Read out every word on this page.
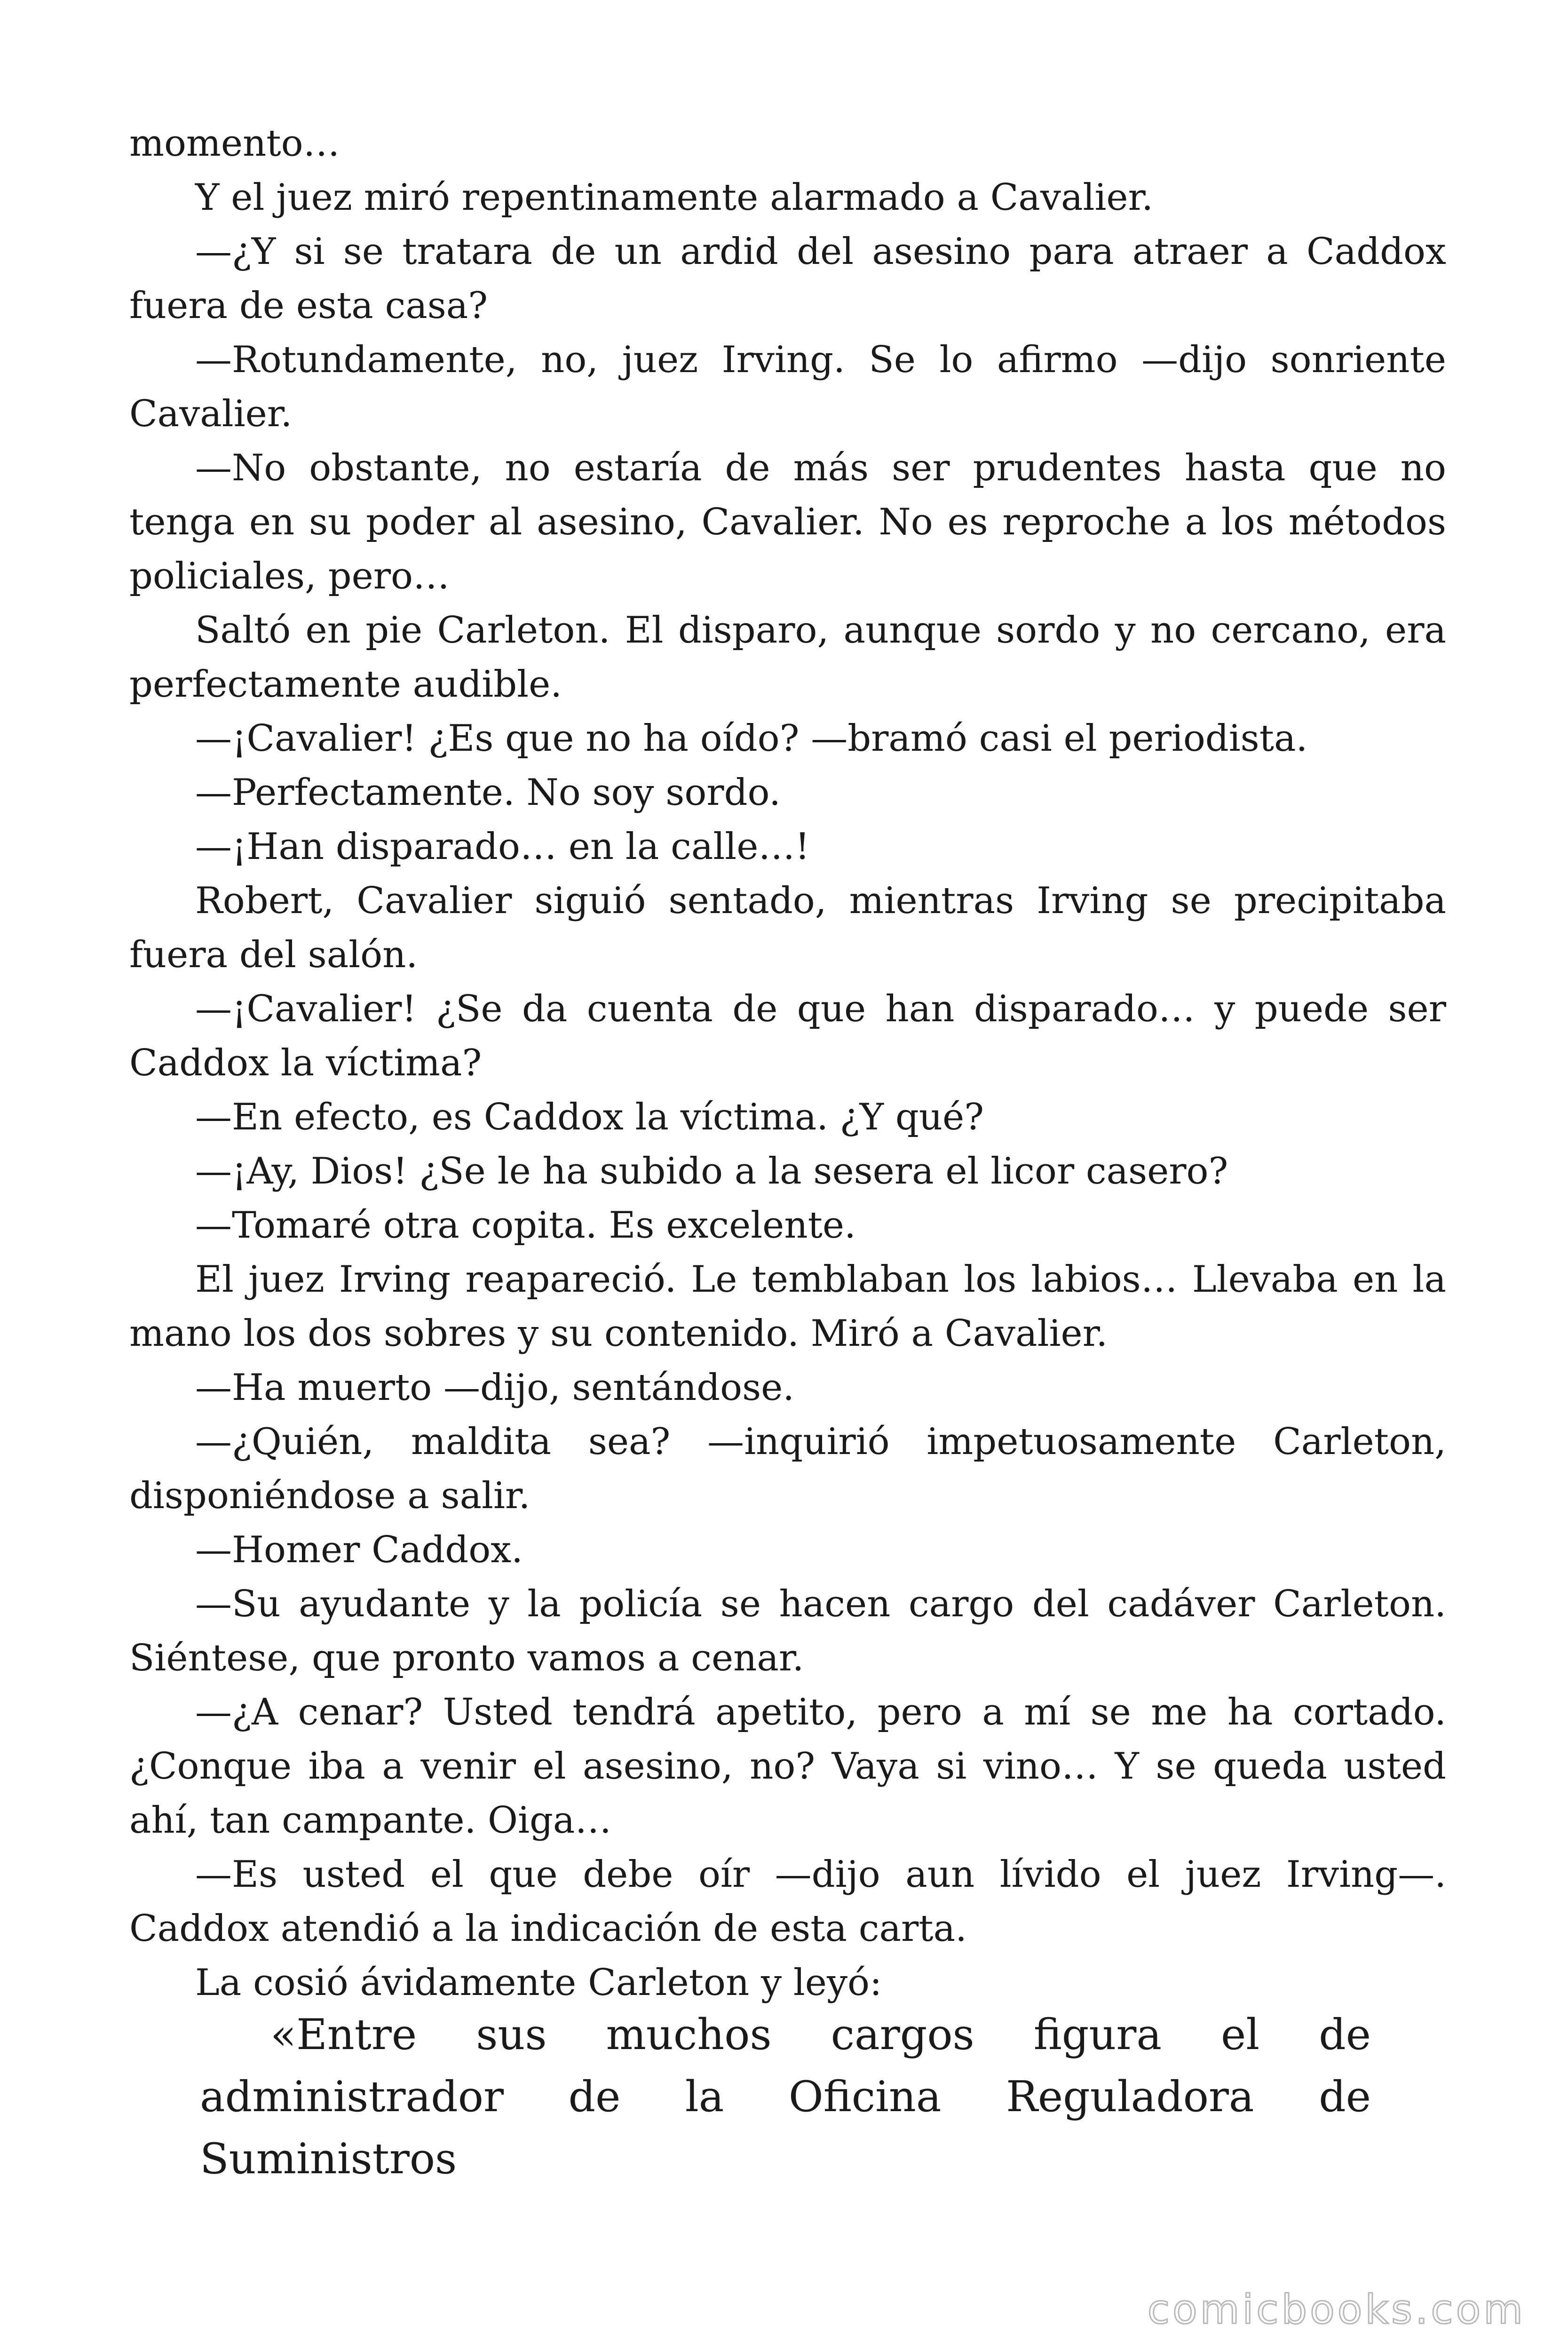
momento…

Y el juez miró repentinamente alarmado a Cavalier.

—¿Y si se tratara de un ardid del asesino para atraer a Caddox fuera de esta casa?

—Rotundamente, no, juez Irving. Se lo afirmo —dijo sonriente Cavalier.

—No obstante, no estaría de más ser prudentes hasta que no tenga en su poder al asesino, Cavalier. No es reproche a los métodos policiales, pero…

Saltó en pie Carleton. El disparo, aunque sordo y no cercano, era perfectamente audible.

—¡Cavalier! ¿Es que no ha oído? —bramó casi el periodista.

—Perfectamente. No soy sordo.

—¡Han disparado… en la calle…!

Robert, Cavalier siguió sentado, mientras Irving se precipitaba fuera del salón.

—¡Cavalier! ¿Se da cuenta de que han disparado… y puede ser Caddox la víctima?

—En efecto, es Caddox la víctima. ¿Y qué?

—¡Ay, Dios! ¿Se le ha subido a la sesera el licor casero?

—Tomaré otra copita. Es excelente.

El juez Irving reapareció. Le temblaban los labios… Llevaba en la mano los dos sobres y su contenido. Miró a Cavalier.

—Ha muerto —dijo, sentándose.

—¿Quién, maldita sea? —inquirió impetuosamente Carleton, disponiéndose a salir.

—Homer Caddox.

—Su ayudante y la policía se hacen cargo del cadáver Carleton. Siéntese, que pronto vamos a cenar.

—¿A cenar? Usted tendrá apetito, pero a mí se me ha cortado. ¿Conque iba a venir el asesino, no? Vaya si vino… Y se queda usted ahí, tan campante. Oiga…

—Es usted el que debe oír —dijo aun lívido el juez Irving—. Caddox atendió a la indicación de esta carta.

La cosió ávidamente Carleton y leyó:

«Entre sus muchos cargos figura el de administrador de la Oficina Reguladora de Suministros

comicbooks.com
